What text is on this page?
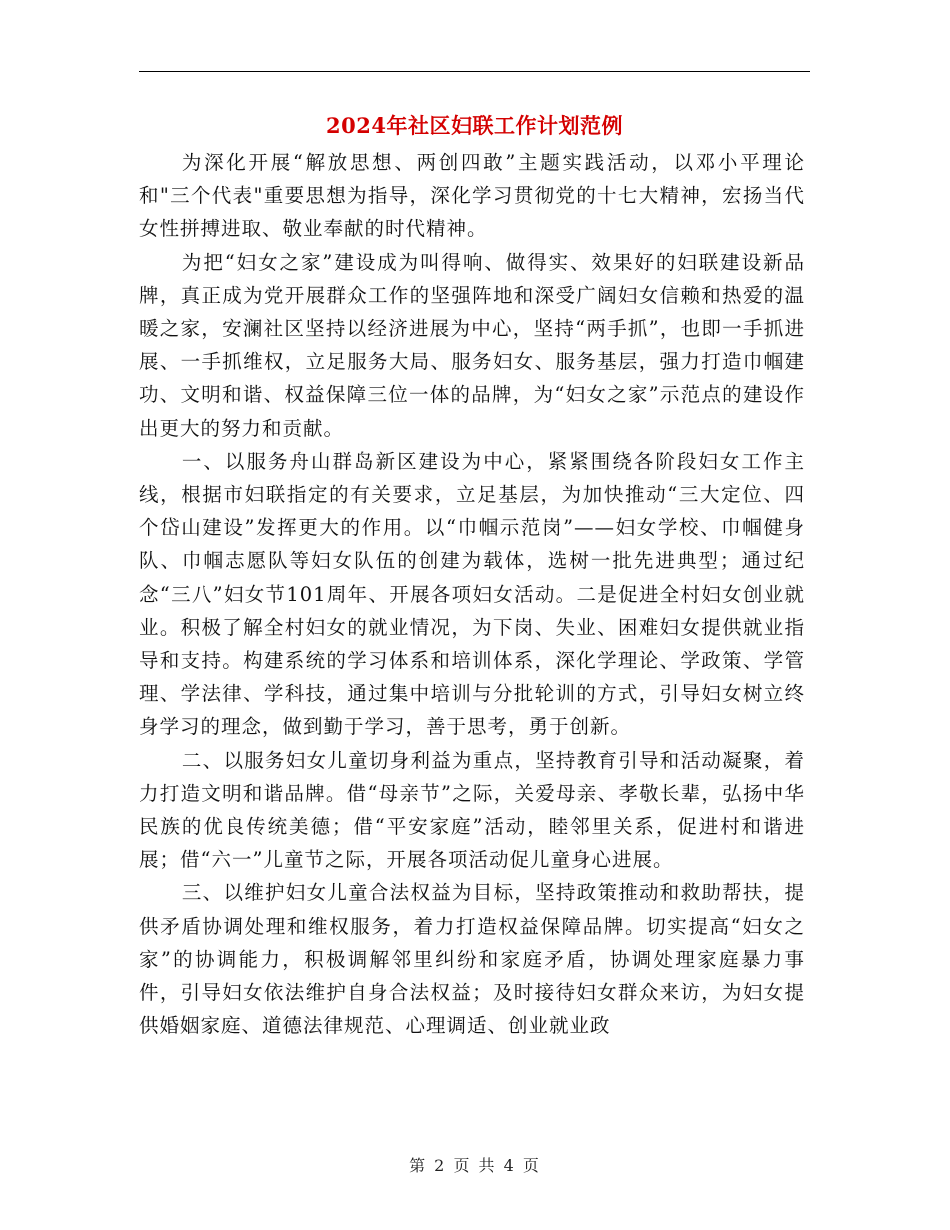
2024年社区妇联工作计划范例

为深化开展“解放思想、两创四敢”主题实践活动，以邓小平理论和"三个代表"重要思想为指导，深化学习贯彻党的十七大精神，宏扬当代女性拼搏进取、敬业奉献的时代精神。

为把“妇女之家”建设成为叫得响、做得实、效果好的妇联建设新品牌，真正成为党开展群众工作的坚强阵地和深受广阔妇女信赖和热爱的温暖之家，安澜社区坚持以经济进展为中心，坚持“两手抓”，也即一手抓进展、一手抓维权，立足服务大局、服务妇女、服务基层，强力打造巾帼建功、文明和谐、权益保障三位一体的品牌，为“妇女之家”示范点的建设作出更大的努力和贡献。

一、以服务舟山群岛新区建设为中心，紧紧围绕各阶段妇女工作主线，根据市妇联指定的有关要求，立足基层，为加快推动“三大定位、四个岱山建设”发挥更大的作用。以“巾帼示范岗”——妇女学校、巾帼健身队、巾帼志愿队等妇女队伍的创建为载体，选树一批先进典型；通过纪念“三八”妇女节101周年、开展各项妇女活动。二是促进全村妇女创业就业。积极了解全村妇女的就业情况，为下岗、失业、困难妇女提供就业指导和支持。构建系统的学习体系和培训体系，深化学理论、学政策、学管理、学法律、学科技，通过集中培训与分批轮训的方式，引导妇女树立终身学习的理念，做到勤于学习，善于思考，勇于创新。

二、以服务妇女儿童切身利益为重点，坚持教育引导和活动凝聚，着力打造文明和谐品牌。借“母亲节”之际，关爱母亲、孝敬长辈，弘扬中华民族的优良传统美德；借“平安家庭”活动，睦邻里关系，促进村和谐进展；借“六一”儿童节之际，开展各项活动促儿童身心进展。

三、以维护妇女儿童合法权益为目标，坚持政策推动和救助帮扶，提供矛盾协调处理和维权服务，着力打造权益保障品牌。切实提高“妇女之家”的协调能力，积极调解邻里纠纷和家庭矛盾，协调处理家庭暴力事件，引导妇女依法维护自身合法权益；及时接待妇女群众来访，为妇女提供婚姻家庭、道德法律规范、心理调适、创业就业政

第 2 页 共 4 页
